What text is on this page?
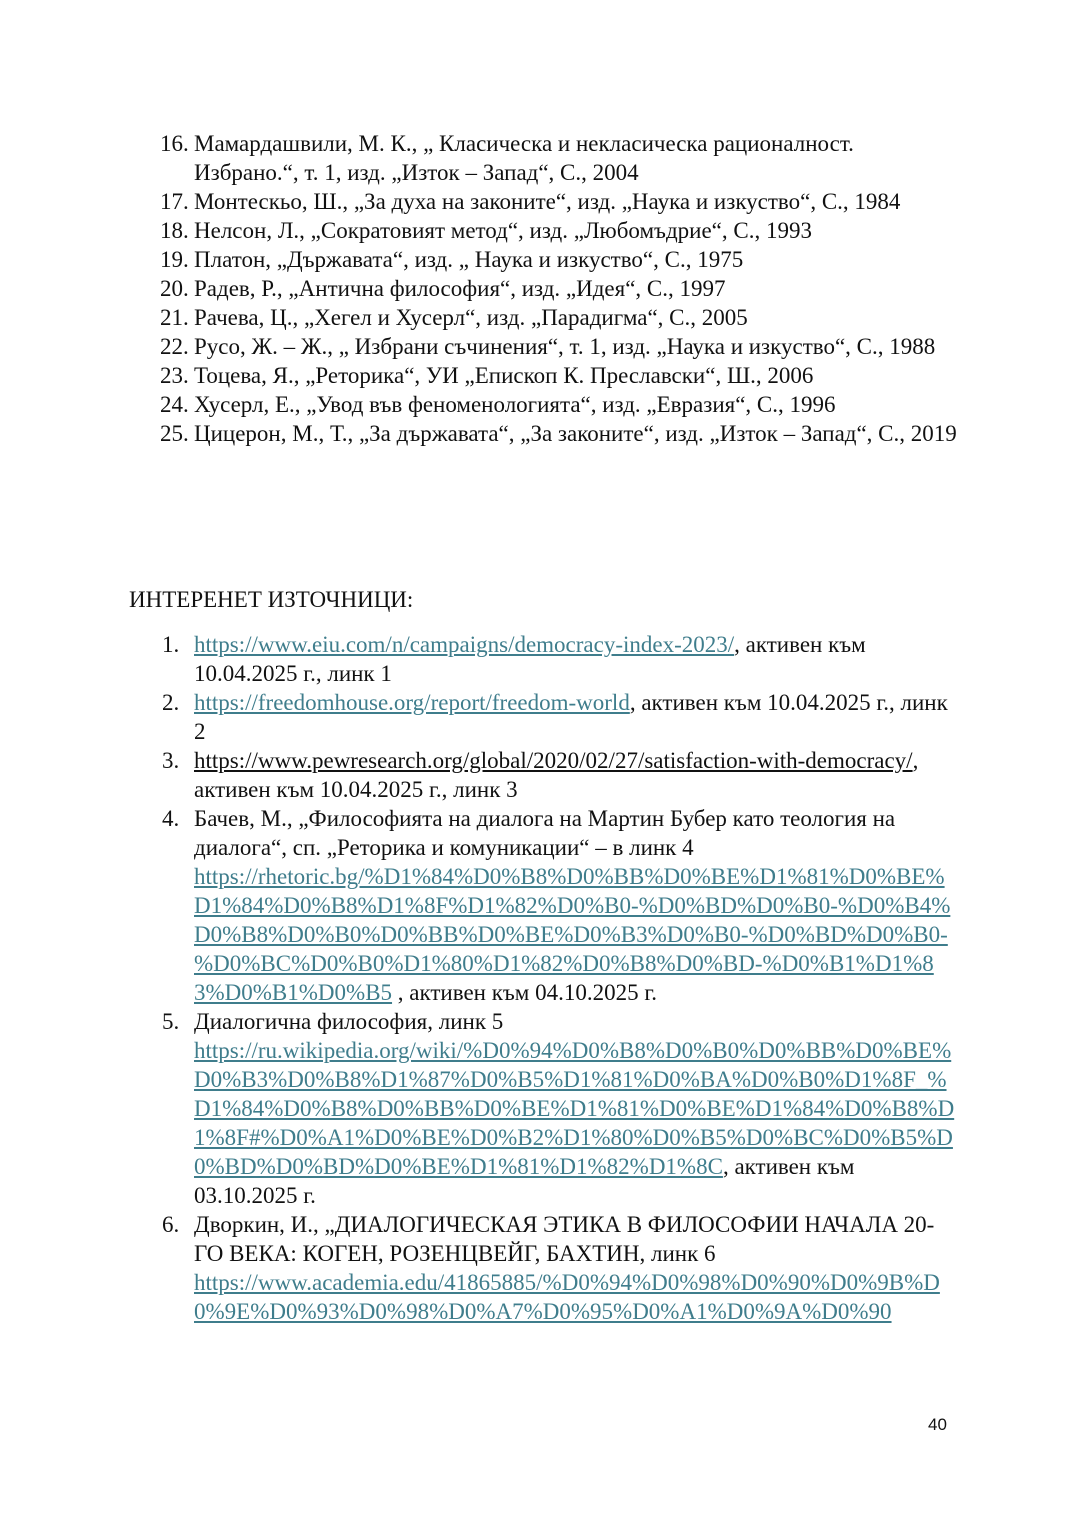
16. Мамардашвили, М. К., „ Класическа и некласическа рационалност. Избрано.“, т. 1, изд. „Изток – Запад“, С., 2004
17. Монтескьо, Ш., „За духа на законите“, изд. „Наука и изкуство“, С., 1984
18. Нелсон, Л., „Сократовият метод“, изд. „Любомъдрие“, С., 1993
19. Платон, „Държавата“, изд. „ Наука и изкуство“, С., 1975
20. Радев, Р., „Антична философия“, изд. „Идея“, С., 1997
21. Рачева, Ц., „Хегел и Хусерл“, изд. „Парадигма“, С., 2005
22. Русо, Ж. – Ж., „ Избрани съчинения“, т. 1, изд. „Наука и изкуство“, С., 1988
23. Тоцева, Я., „Реторика“, УИ „Епископ К. Преславски“, Ш., 2006
24. Хусерл, Е., „Увод във феноменологията“, изд. „Евразия“, С., 1996
25. Цицерон, М., Т., „За държавата“, „За законите“, изд. „Изток – Запад“, С., 2019
ИНТЕРЕНЕТ ИЗТОЧНИЦИ:
1. https://www.eiu.com/n/campaigns/democracy-index-2023/, активен към 10.04.2025 г., линк 1
2. https://freedomhouse.org/report/freedom-world, активен към 10.04.2025 г., линк 2
3. https://www.pewresearch.org/global/2020/02/27/satisfaction-with-democracy/, активен към 10.04.2025 г., линк 3
4. Бачев, М., „Философията на диалога на Мартин Бубер като теология на диалога“, сп. „Реторика и комуникации“ – в линк 4
https://rhetoric.bg/%D1%84%D0%B8%D0%BB%D0%BE%D1%81%D0%BE%D1%84%D0%B8%D1%8F%D1%82%D0%B0-%D0%BD%D0%B0-%D0%B4%D0%B8%D0%B0%D0%BB%D0%BE%D0%B3%D0%B0-%D0%BD%D0%B0-%D0%BC%D0%B0%D1%80%D1%82%D0%B8%D0%BD-%D0%B1%D1%83%D0%B1%D0%B5 , активен към 04.10.2025 г.
5. Диалогична философия, линк 5
https://ru.wikipedia.org/wiki/%D0%94%D0%B8%D0%B0%D0%BB%D0%BE%D0%B3%D0%B8%D1%87%D0%B5%D1%81%D0%BA%D0%B0%D1%8F_%D1%84%D0%B8%D0%BB%D0%BE%D1%81%D0%BE%D1%84%D0%B8%D1%8F#%D0%A1%D0%BE%D0%B2%D1%80%D0%B5%D0%BC%D0%B5%D0%BD%D0%BD%D0%BE%D1%81%D1%82%D1%8C, активен към 03.10.2025 г.
6. Дворкин, И., „ДИАЛОГИЧЕСКАЯ ЭТИКА В ФИЛОСОФИИ НАЧАЛА 20-ГО ВЕКА: КОГЕН, РОЗЕНЦВЕЙГ, БАХТИН, линк 6
https://www.academia.edu/41865885/%D0%94%D0%98%D0%90%D0%9B%D0%9E%D0%93%D0%98%D0%A7%D0%95%D0%A1%D0%9A%D0%90
40
